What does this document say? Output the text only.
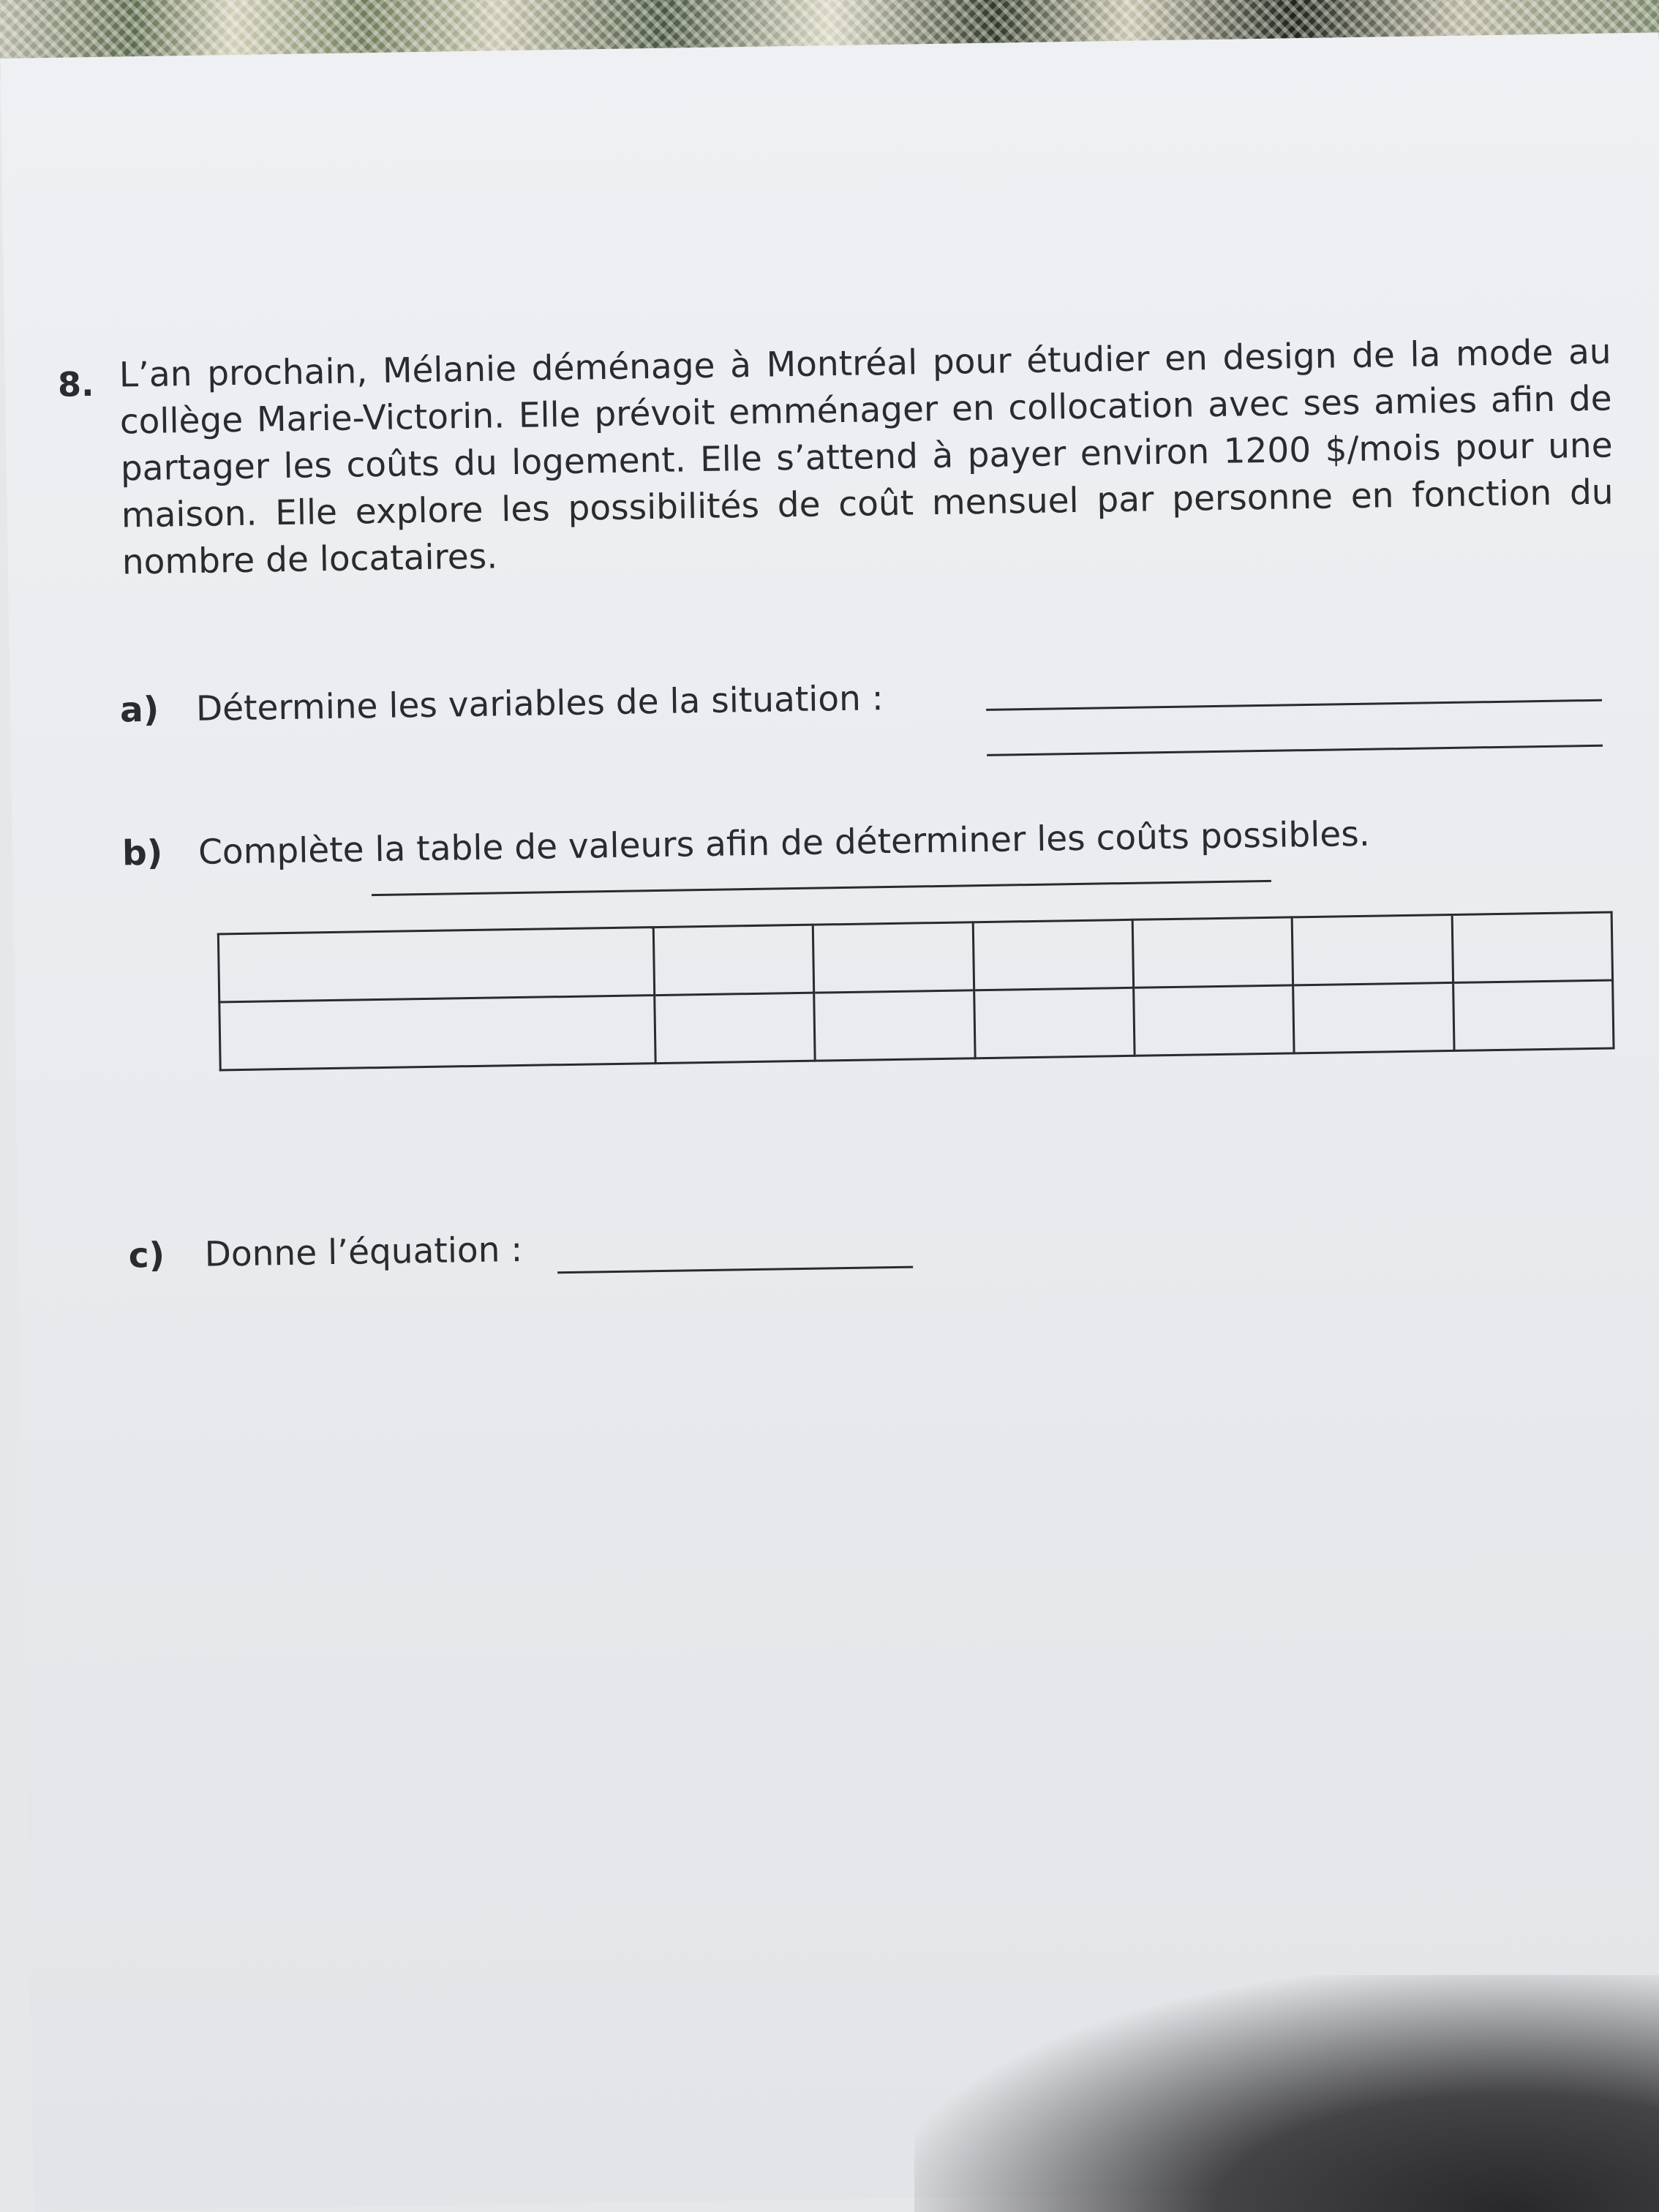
8. L’an prochain, Mélanie déménage à Montréal pour étudier en design de la mode au collège Marie-Victorin. Elle prévoit emménager en collocation avec ses amies afin de partager les coûts du logement. Elle s’attend à payer environ 1200 $/mois pour une maison. Elle explore les possibilités de coût mensuel par personne en fonction du nombre de locataires.
a) Détermine les variables de la situation :
b) Complète la table de valeurs afin de déterminer les coûts possibles.

c) Donne l’équation :
